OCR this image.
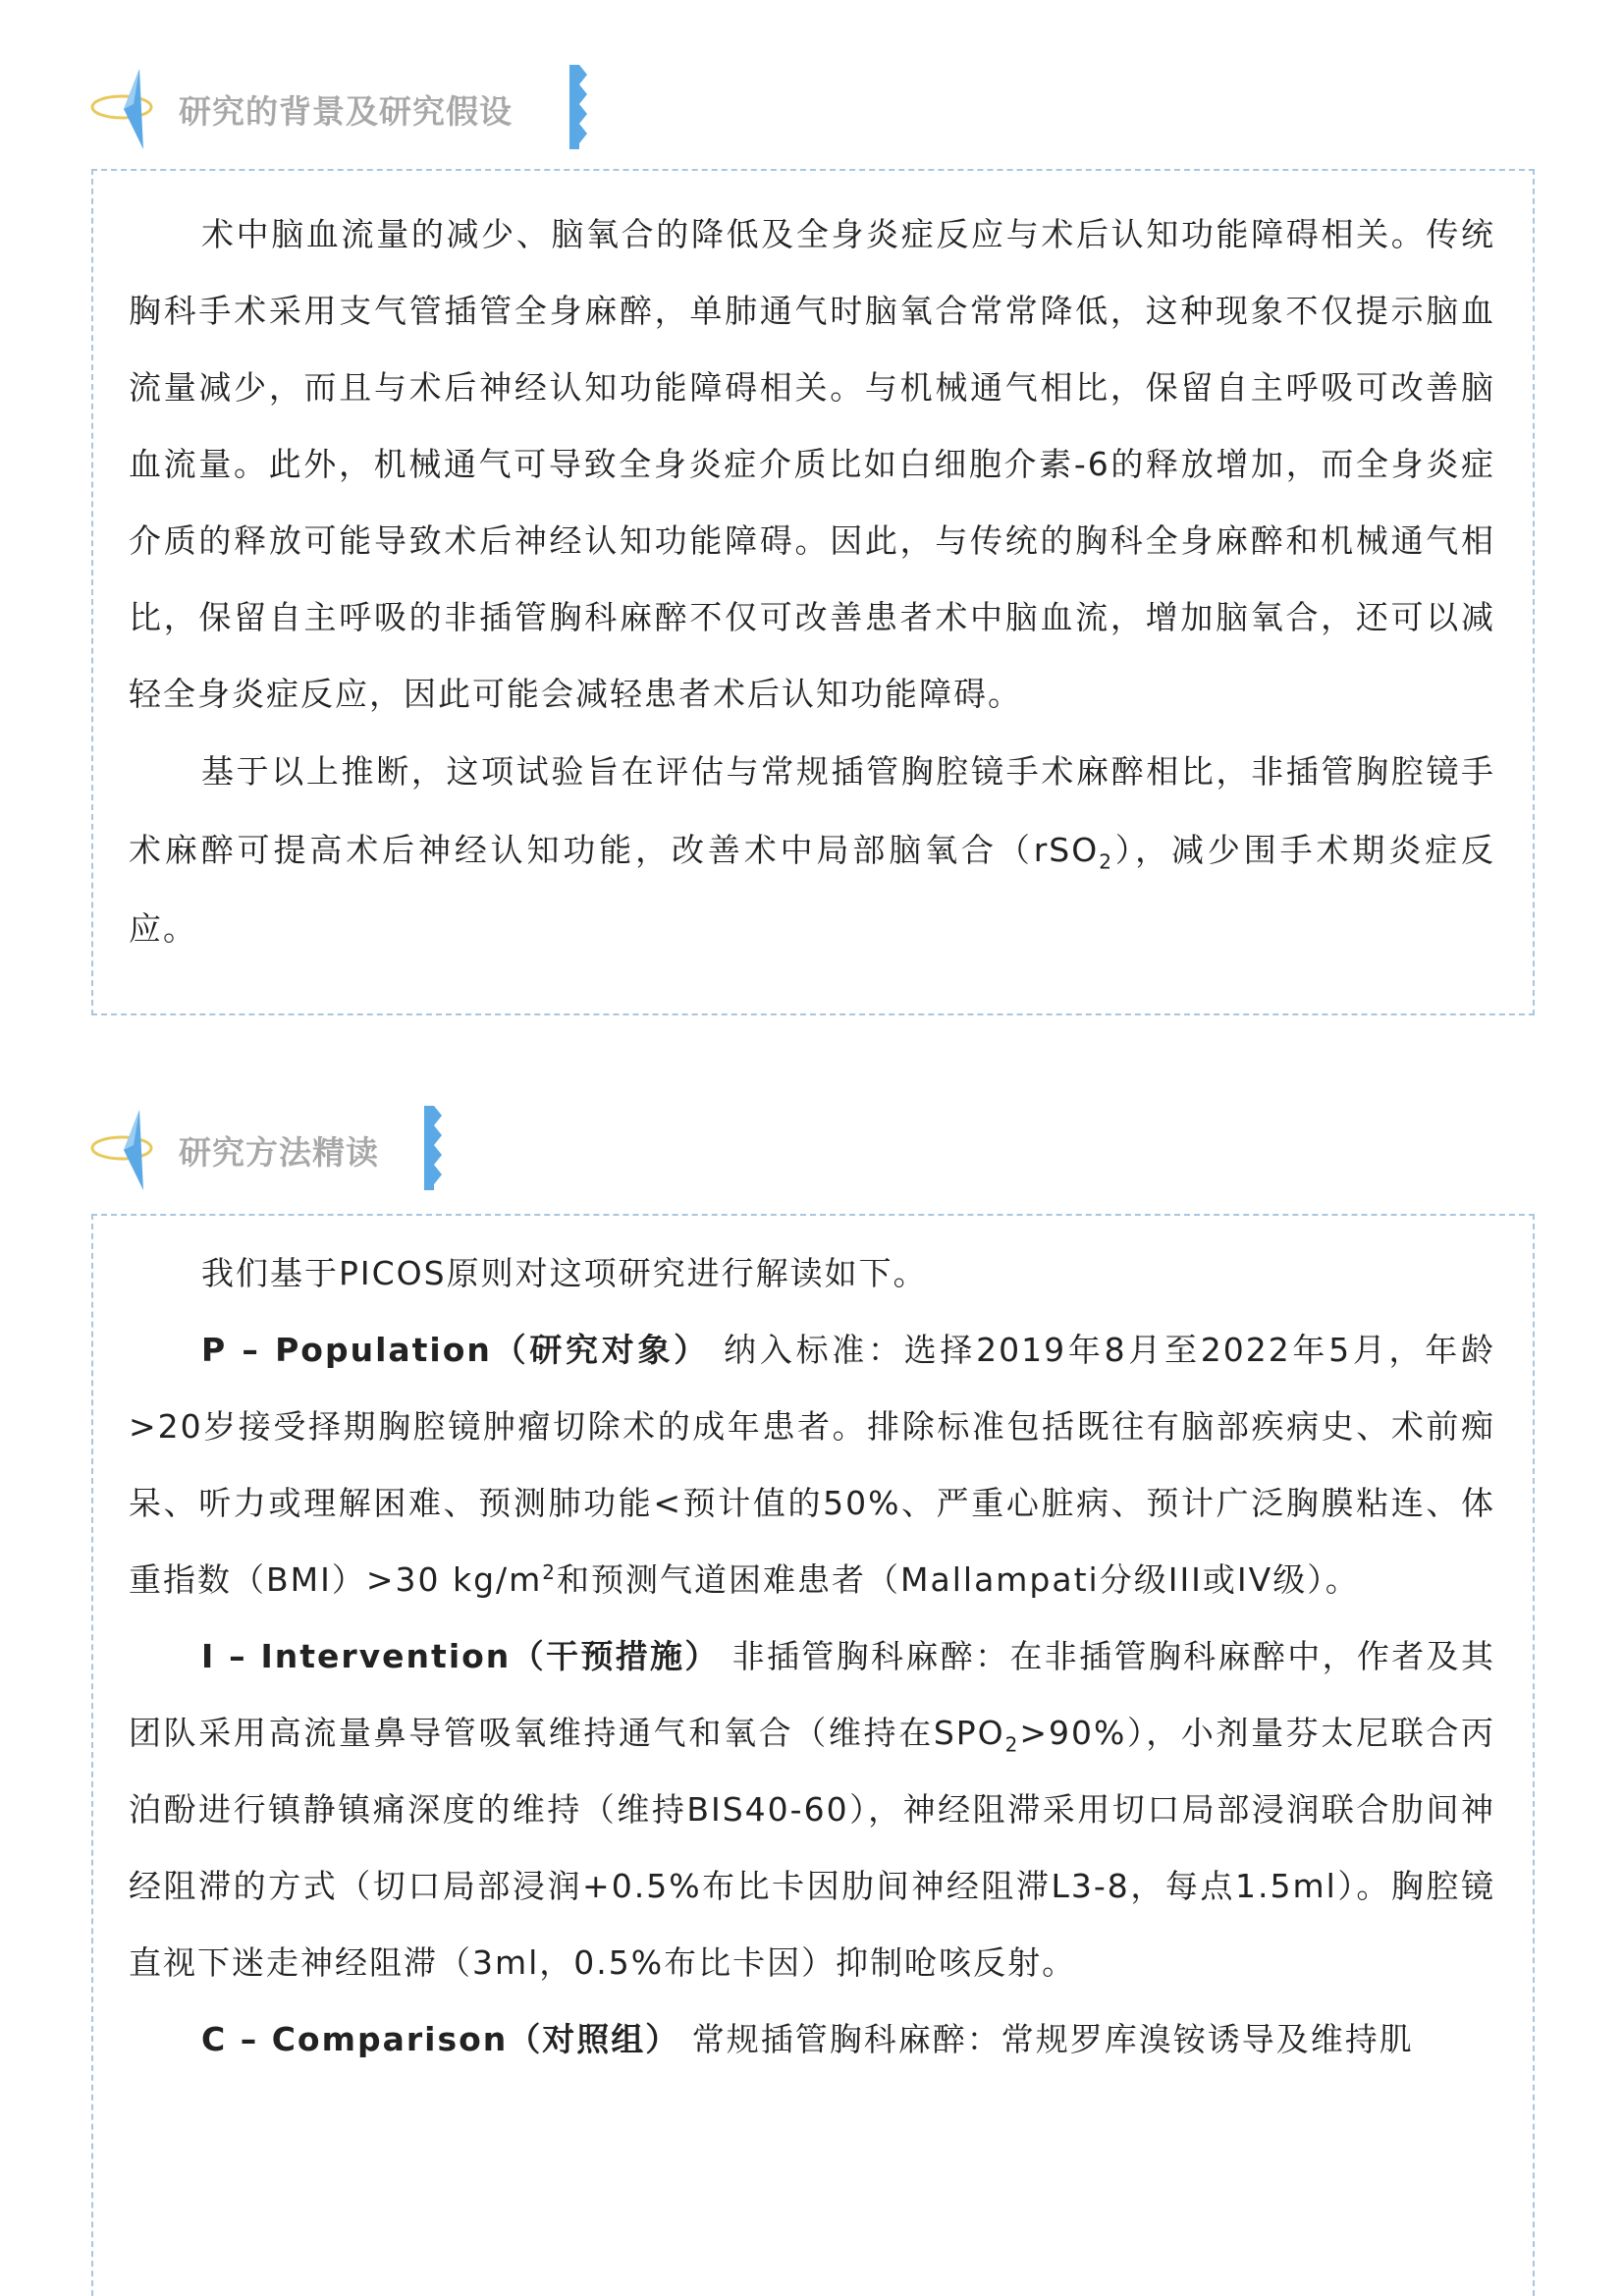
研究的背景及研究假设

术中脑血流量的减少、脑氧合的降低及全身炎症反应与术后认知功能障碍相关。传统胸科手术采用支气管插管全身麻醉，单肺通气时脑氧合常常降低，这种现象不仅提示脑血流量减少，而且与术后神经认知功能障碍相关。与机械通气相比，保留自主呼吸可改善脑血流量。此外，机械通气可导致全身炎症介质比如白细胞介素-6的释放增加，而全身炎症介质的释放可能导致术后神经认知功能障碍。因此，与传统的胸科全身麻醉和机械通气相比，保留自主呼吸的非插管胸科麻醉不仅可改善患者术中脑血流，增加脑氧合，还可以减轻全身炎症反应，因此可能会减轻患者术后认知功能障碍。

基于以上推断，这项试验旨在评估与常规插管胸腔镜手术麻醉相比，非插管胸腔镜手术麻醉可提高术后神经认知功能，改善术中局部脑氧合（rSO$_2$），减少围手术期炎症反应。

研究方法精读

我们基于PICOS原则对这项研究进行解读如下。

P – Population（研究对象） 纳入标准：选择2019年8月至2022年5月，年龄>20岁接受择期胸腔镜肿瘤切除术的成年患者。排除标准包括既往有脑部疾病史、术前痴呆、听力或理解困难、预测肺功能<预计值的50%、严重心脏病、预计广泛胸膜粘连、体重指数（BMI）>30 $kg/m^2$和预测气道困难患者（Mallampati分级III或IV级）。

I – Intervention（干预措施） 非插管胸科麻醉：在非插管胸科麻醉中，作者及其团队采用高流量鼻导管吸氧维持通气和氧合（维持在$SPO_2>90\%$），小剂量芬太尼联合丙泊酚进行镇静镇痛深度的维持（维持BIS40-60），神经阻滞采用切口局部浸润联合肋间神经阻滞的方式（切口局部浸润+0.5%布比卡因肋间神经阻滞L3-8，每点1.5ml）。胸腔镜直视下迷走神经阻滞（3ml，0.5%布比卡因）抑制呛咳反射。

C – Comparison（对照组） 常规插管胸科麻醉：常规罗库溴铵诱导及维持肌
